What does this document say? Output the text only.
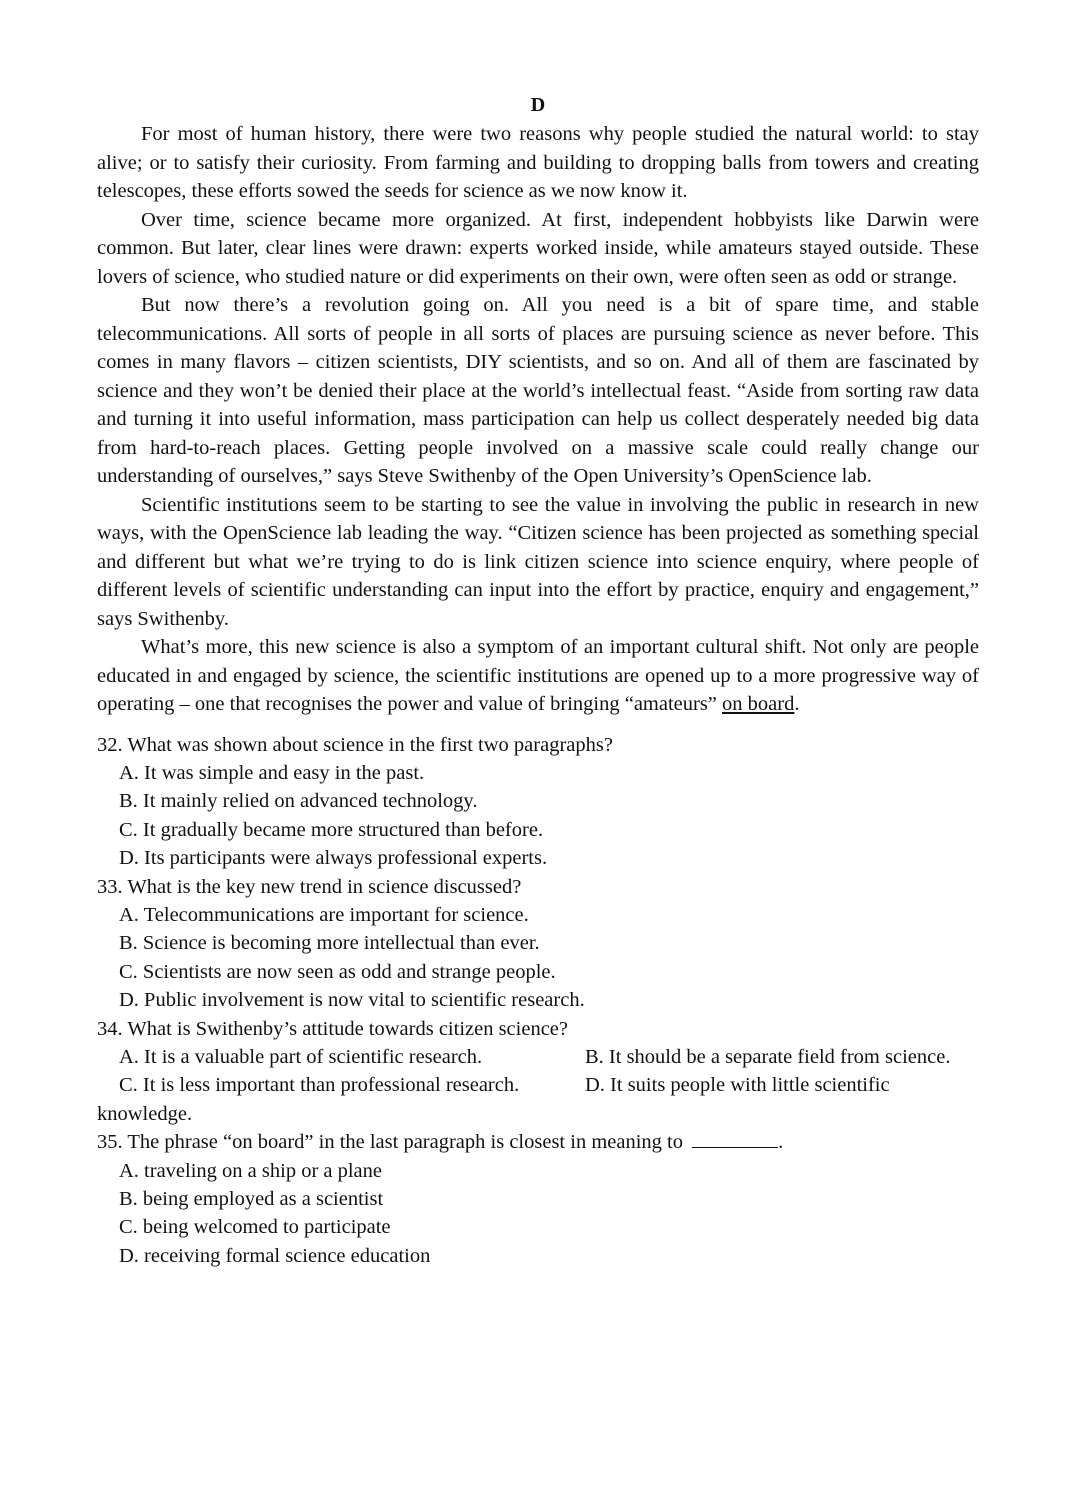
D

For most of human history, there were two reasons why people studied the natural world: to stay alive; or to satisfy their curiosity. From farming and building to dropping balls from towers and creating telescopes, these efforts sowed the seeds for science as we now know it.

Over time, science became more organized. At first, independent hobbyists like Darwin were common. But later, clear lines were drawn: experts worked inside, while amateurs stayed outside. These lovers of science, who studied nature or did experiments on their own, were often seen as odd or strange.

But now there’s a revolution going on. All you need is a bit of spare time, and stable telecommunications. All sorts of people in all sorts of places are pursuing science as never before. This comes in many flavors – citizen scientists, DIY scientists, and so on. And all of them are fascinated by science and they won’t be denied their place at the world’s intellectual feast. “Aside from sorting raw data and turning it into useful information, mass participation can help us collect desperately needed big data from hard-to-reach places. Getting people involved on a massive scale could really change our understanding of ourselves,” says Steve Swithenby of the Open University’s OpenScience lab.

Scientific institutions seem to be starting to see the value in involving the public in research in new ways, with the OpenScience lab leading the way. “Citizen science has been projected as something special and different but what we’re trying to do is link citizen science into science enquiry, where people of different levels of scientific understanding can input into the effort by practice, enquiry and engagement,” says Swithenby.

What’s more, this new science is also a symptom of an important cultural shift. Not only are people educated in and engaged by science, the scientific institutions are opened up to a more progressive way of operating – one that recognises the power and value of bringing “amateurs” on board.

32. What was shown about science in the first two paragraphs?

A. It was simple and easy in the past.

B. It mainly relied on advanced technology.

C. It gradually became more structured than before.

D. Its participants were always professional experts.

33. What is the key new trend in science discussed?

A. Telecommunications are important for science.

B. Science is becoming more intellectual than ever.

C. Scientists are now seen as odd and strange people.

D. Public involvement is now vital to scientific research.

34. What is Swithenby’s attitude towards citizen science?

A. It is a valuable part of scientific research.	B. It should be a separate field from science.
C. It is less important than professional research.	D. It suits people with little scientific

knowledge.

35. The phrase “on board” in the last paragraph is closest in meaning to	.

A. traveling on a ship or a plane

B. being employed as a scientist

C. being welcomed to participate

D. receiving formal science education
